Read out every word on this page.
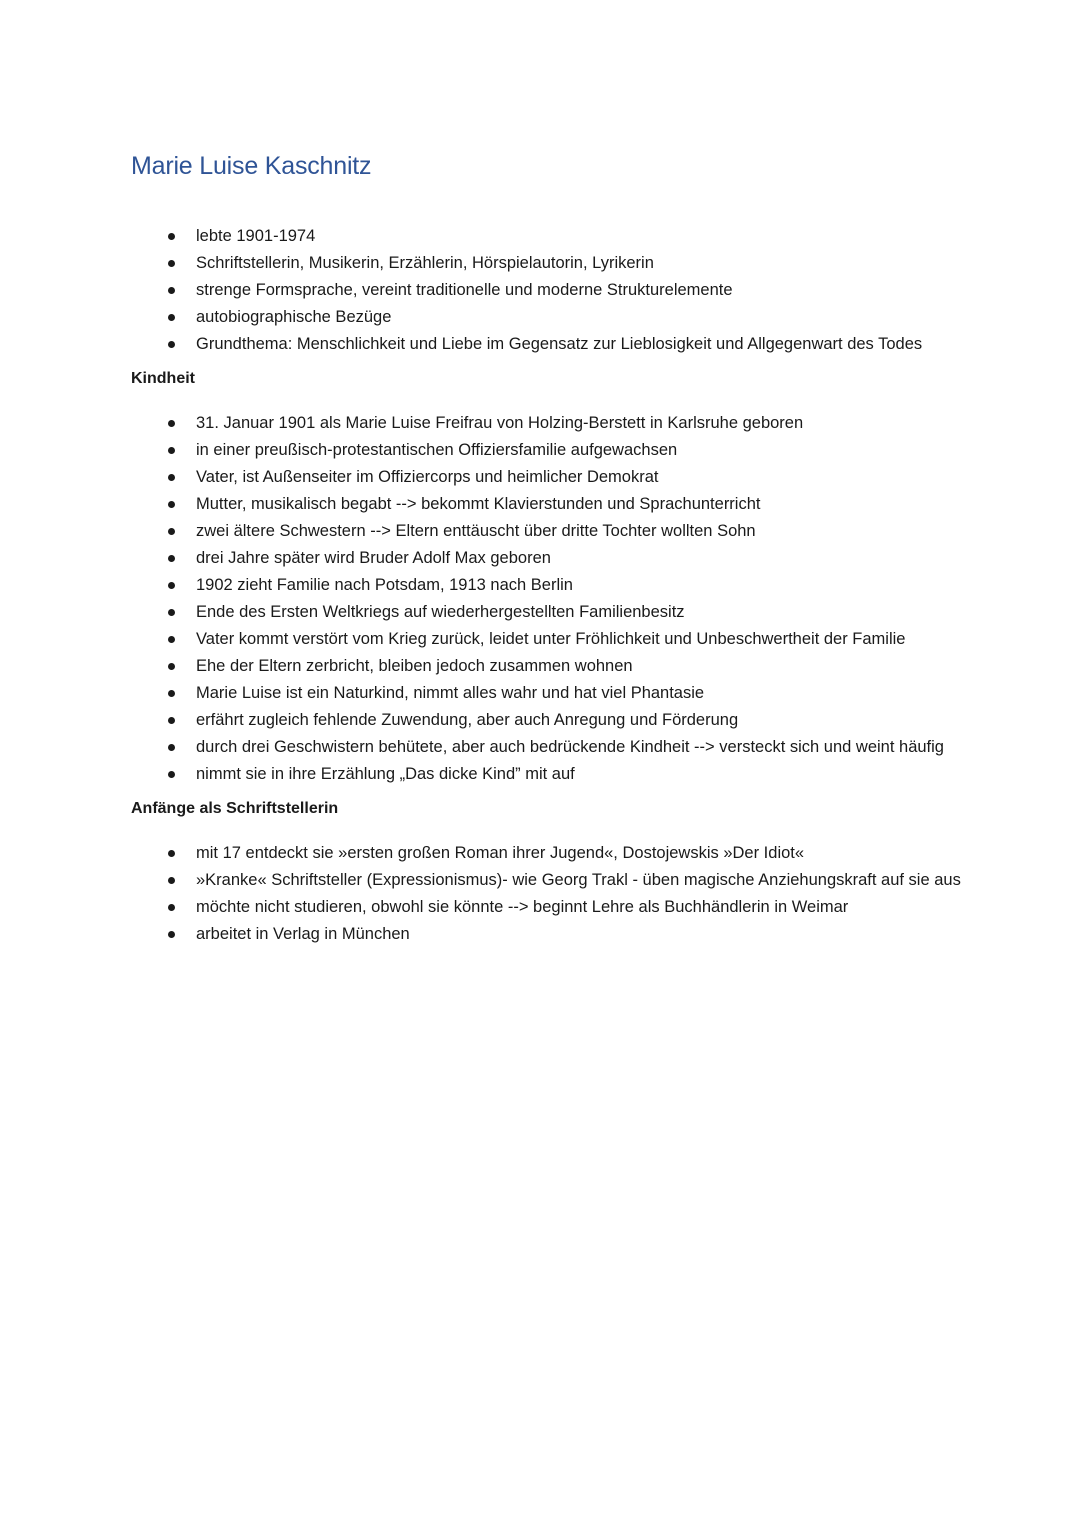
Marie Luise Kaschnitz
lebte 1901-1974
Schriftstellerin, Musikerin, Erzählerin, Hörspielautorin, Lyrikerin
strenge Formsprache, vereint traditionelle und moderne Strukturelemente
autobiographische Bezüge
Grundthema: Menschlichkeit und Liebe im Gegensatz zur Lieblosigkeit und Allgegenwart des Todes
Kindheit
31. Januar 1901 als Marie Luise Freifrau von Holzing-Berstett in Karlsruhe geboren
in einer preußisch-protestantischen Offiziersfamilie aufgewachsen
Vater, ist Außenseiter im Offiziercorps und heimlicher Demokrat
Mutter, musikalisch begabt --> bekommt Klavierstunden und Sprachunterricht
zwei ältere Schwestern --> Eltern enttäuscht über dritte Tochter wollten Sohn
drei Jahre später wird Bruder Adolf Max geboren
1902 zieht Familie nach Potsdam, 1913 nach Berlin
Ende des Ersten Weltkriegs auf wiederhergestellten Familienbesitz
Vater kommt verstört vom Krieg zurück, leidet unter Fröhlichkeit und Unbeschwertheit der Familie
Ehe der Eltern zerbricht, bleiben jedoch zusammen wohnen
Marie Luise ist ein Naturkind, nimmt alles wahr und hat viel Phantasie
erfährt zugleich fehlende Zuwendung, aber auch Anregung und Förderung
durch drei Geschwistern behütete, aber auch bedrückende Kindheit --> versteckt sich und weint häufig
nimmt sie in ihre Erzählung „Das dicke Kind” mit auf
Anfänge als Schriftstellerin
mit 17 entdeckt sie »ersten großen Roman ihrer Jugend«, Dostojewskis »Der Idiot«
»Kranke« Schriftsteller (Expressionismus)- wie Georg Trakl - üben magische Anziehungskraft auf sie aus
möchte nicht studieren, obwohl sie könnte --> beginnt Lehre als Buchhändlerin in Weimar
arbeitet in Verlag in München
